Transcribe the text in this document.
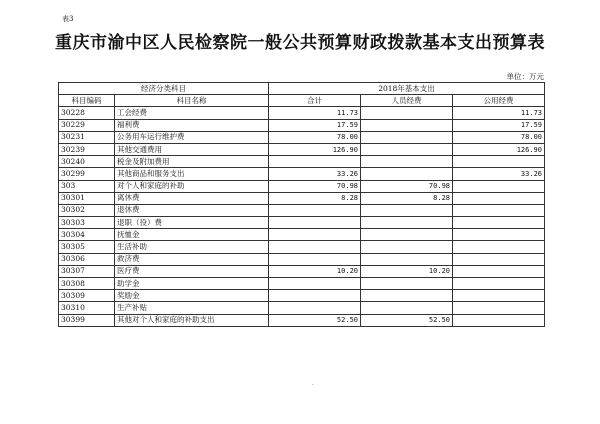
表3
重庆市渝中区人民检察院一般公共预算财政拨款基本支出预算表
单位：万元
经济分类科目		2018年基本支出		
科目编码	科目名称	合计	人员经费	公用经费
30228	工会经费	11.73		11.73
30229	福利费	17.59		17.59
30231	公务用车运行维护费	78.00		78.00
30239	其他交通费用	126.90		126.90
30240	税金及附加费用			
30299	其他商品和服务支出	33.26		33.26
303	对个人和家庭的补助	70.98	70.98	
30301	离休费	8.28	8.28	
30302	退休费			
30303	退职（役）费			
30304	抚恤金			
30305	生活补助			
30306	救济费			
30307	医疗费	10.20	10.20	
30308	助学金			
30309	奖励金			
30310	生产补贴			
30399	其他对个人和家庭的补助支出	52.50	52.50	
.
